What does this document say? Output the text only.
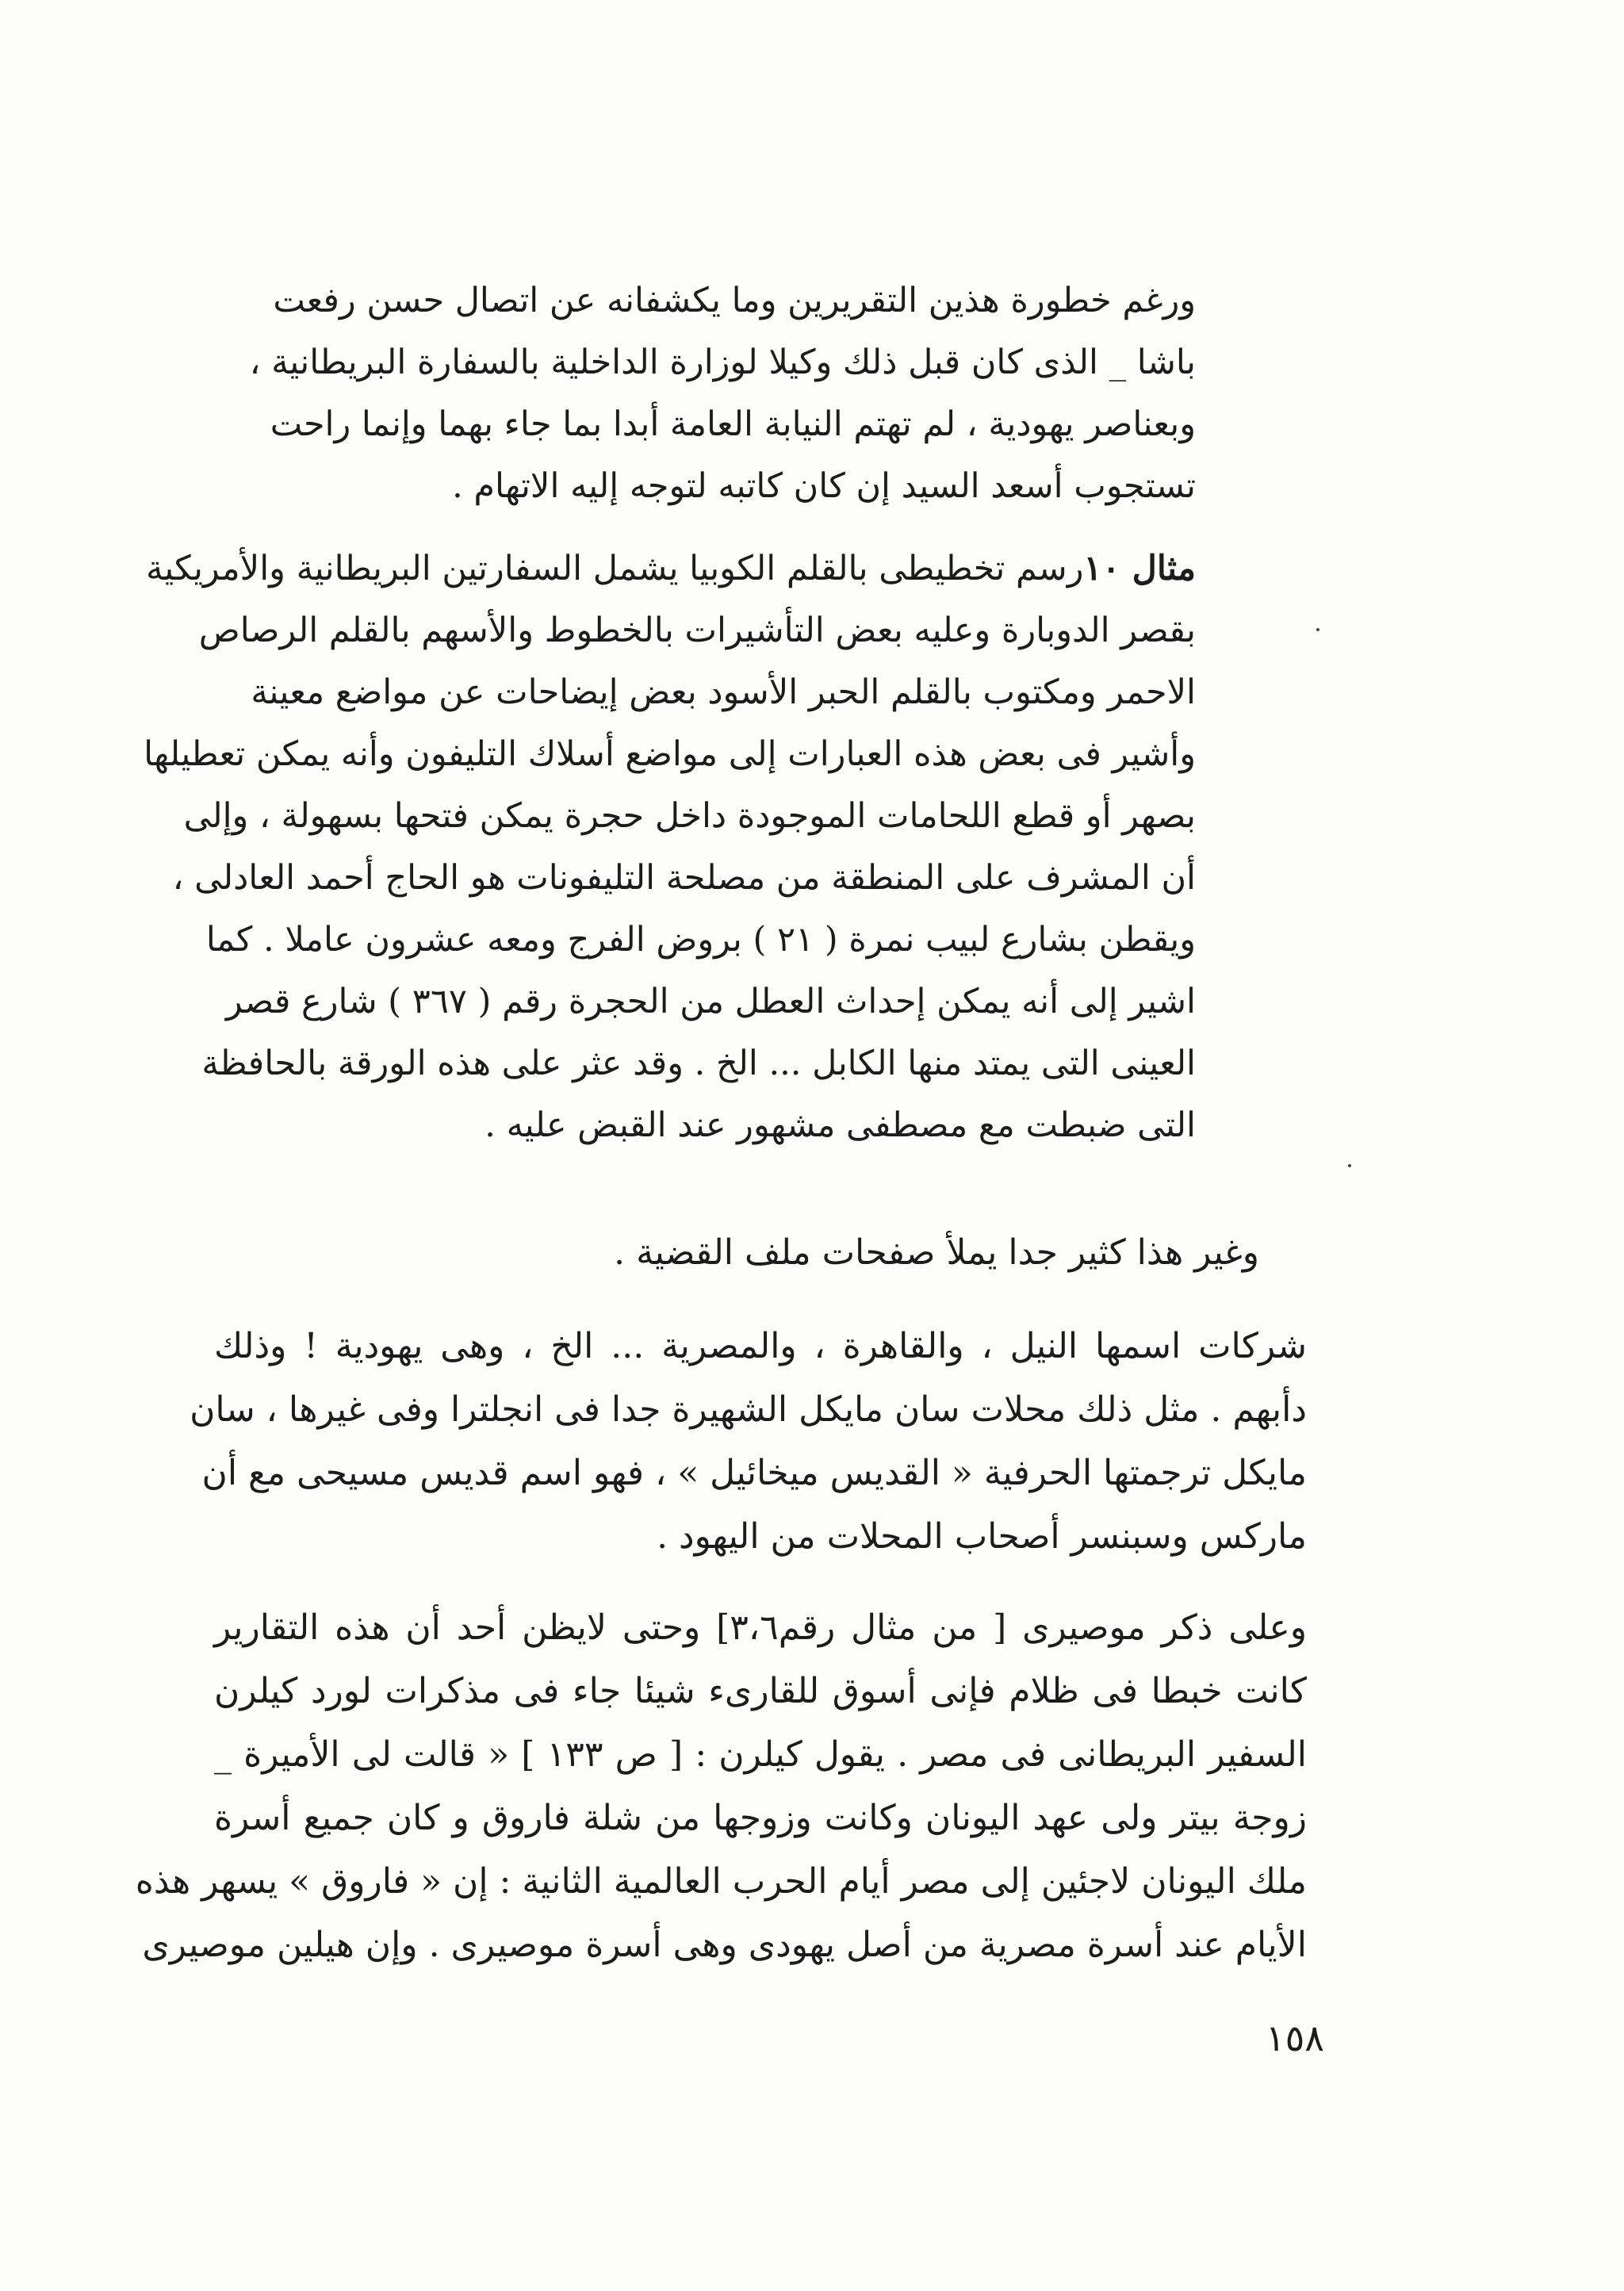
ورغم خطورة هذين التقريرين وما يكشفانه عن اتصال حسن رفعت
باشا _ الذى كان قبل ذلك وكيلا لوزارة الداخلية بالسفارة البريطانية ،
وبعناصر يهودية ، لم تهتم النيابة العامة أبدا بما جاء بهما وإنما راحت
تستجوب أسعد السيد إن كان كاتبه لتوجه إليه الاتهام .
مثال ١٠رسم تخطيطى بالقلم الكوبيا يشمل السفارتين البريطانية والأمريكية
بقصر الدوبارة وعليه بعض التأشيرات بالخطوط والأسهم بالقلم الرصاص
الاحمر ومكتوب بالقلم الحبر الأسود بعض إيضاحات عن مواضع معينة
وأشير فى بعض هذه العبارات إلى مواضع أسلاك التليفون وأنه يمكن تعطيلها
بصهر أو قطع اللحامات الموجودة داخل حجرة يمكن فتحها بسهولة ، وإلى
أن المشرف على المنطقة من مصلحة التليفونات هو الحاج أحمد العادلى ،
ويقطن بشارع لبيب نمرة ( ٢١ ) بروض الفرج ومعه عشرون عاملا . كما
اشير إلى أنه يمكن إحداث العطل من الحجرة رقم ( ٣٦٧ ) شارع قصر
العينى التى يمتد منها الكابل ... الخ . وقد عثر على هذه الورقة بالحافظة
التى ضبطت مع مصطفى مشهور عند القبض عليه .
وغير هذا كثير جدا يملأ صفحات ملف القضية .
شركات اسمها النيل ، والقاهرة ، والمصرية ... الخ ، وهى يهودية ! وذلك
دأبهم . مثل ذلك محلات سان مايكل الشهيرة جدا فى انجلترا وفى غيرها ، سان
مايكل ترجمتها الحرفية « القديس ميخائيل » ، فهو اسم قديس مسيحى مع أن
ماركس وسبنسر أصحاب المحلات من اليهود .
وعلى ذكر موصيرى [ من مثال رقم٣،٦] وحتى لايظن أحد أن هذه التقارير
كانت خبطا فى ظلام فإنى أسوق للقارىء شيئا جاء فى مذكرات لورد كيلرن
السفير البريطانى فى مصر . يقول كيلرن : [ ص ١٣٣ ] « قالت لى الأميرة _
زوجة بيتر ولى عهد اليونان وكانت وزوجها من شلة فاروق و كان جميع أسرة
ملك اليونان لاجئين إلى مصر أيام الحرب العالمية الثانية : إن « فاروق » يسهر هذه
الأيام عند أسرة مصرية من أصل يهودى وهى أسرة موصيرى . وإن هيلين موصيرى
١٥٨
